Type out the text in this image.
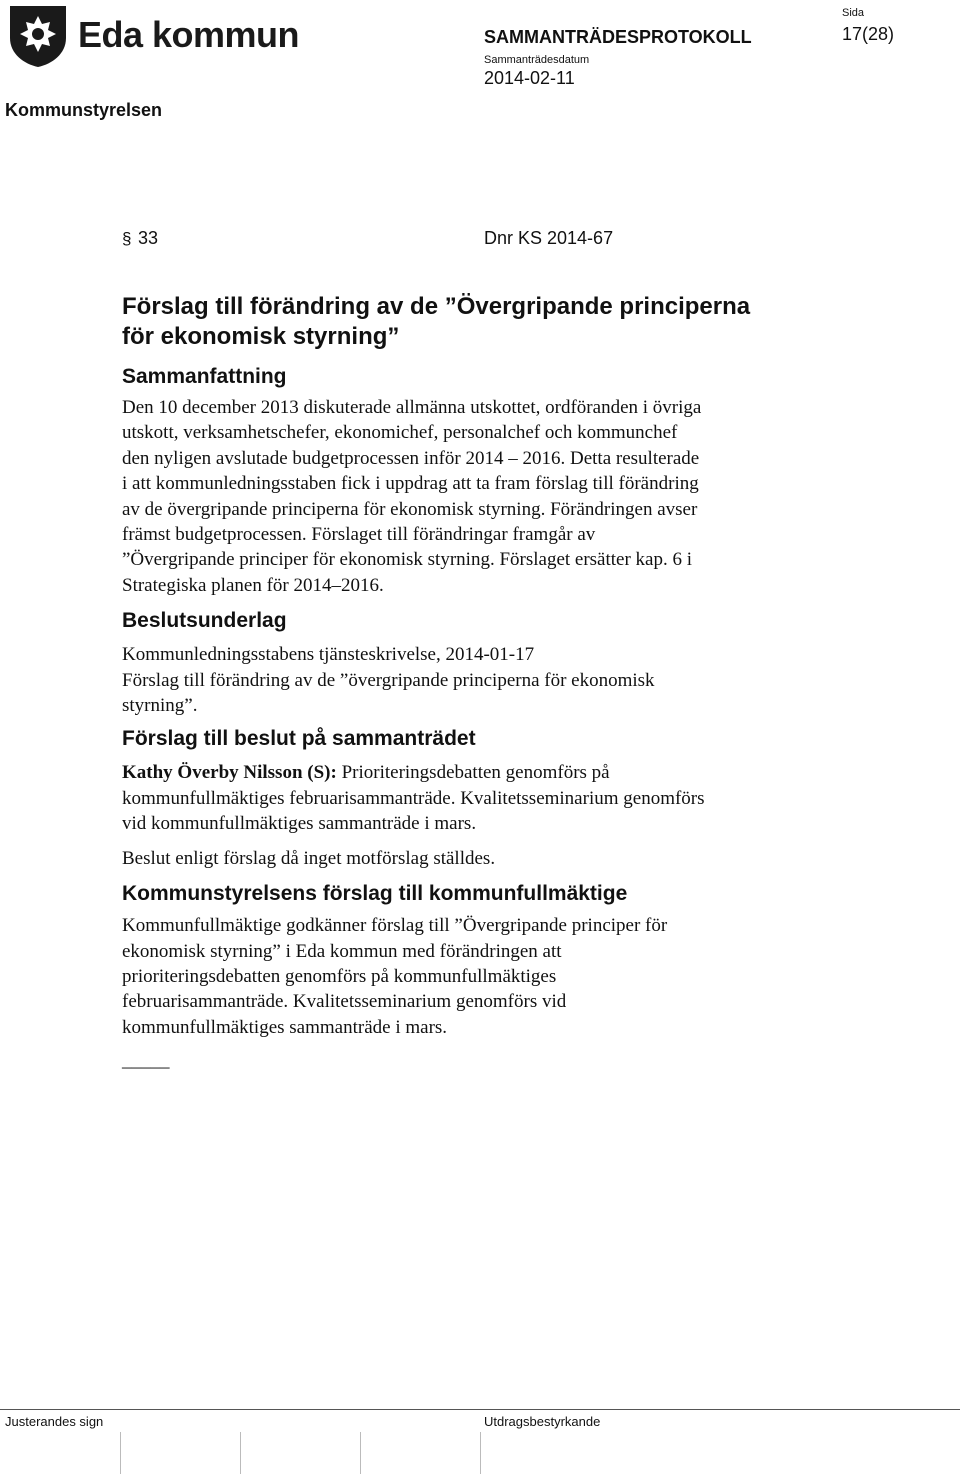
Eda kommun
Kommunstyrelsen
SAMMANTRÄDESPROTOKOLL
Sammanträdesdatum
2014-02-11
Sida
17(28)
§ 33	Dnr KS 2014-67
Förslag till förändring av de ”Övergripande principerna
för ekonomisk styrning”
Sammanfattning
Den 10 december 2013 diskuterade allmänna utskottet, ordföranden i övriga
utskott, verksamhetschefer, ekonomichef, personalchef och kommunchef
den nyligen avslutade budgetprocessen inför 2014 – 2016. Detta resulterade
i att kommunledningsstaben fick i uppdrag att ta fram förslag till förändring
av de övergripande principerna för ekonomisk styrning. Förändringen avser
främst budgetprocessen. Förslaget till förändringar framgår av
”Övergripande principer för ekonomisk styrning. Förslaget ersätter kap. 6 i
Strategiska planen för 2014–2016.
Beslutsunderlag
Kommunledningsstabens tjänsteskrivelse, 2014-01-17
Förslag till förändring av de ”övergripande principerna för ekonomisk
styrning”.
Förslag till beslut på sammanträdet
Kathy Överby Nilsson (S): Prioriteringsdebatten genomförs på
kommunfullmäktiges februarisammanträde. Kvalitetsseminarium genomförs
vid kommunfullmäktiges sammanträde i mars.
Beslut enligt förslag då inget motförslag ställdes.
Kommunstyrelsens förslag till kommunfullmäktige
Kommunfullmäktige godkänner förslag till ”Övergripande principer för
ekonomisk styrning” i Eda kommun med förändringen att
prioriteringsdebatten genomförs på kommunfullmäktiges
februarisammanträde. Kvalitetsseminarium genomförs vid
kommunfullmäktiges sammanträde i mars.
_____
Justerandes sign	Utdragsbestyrkande
